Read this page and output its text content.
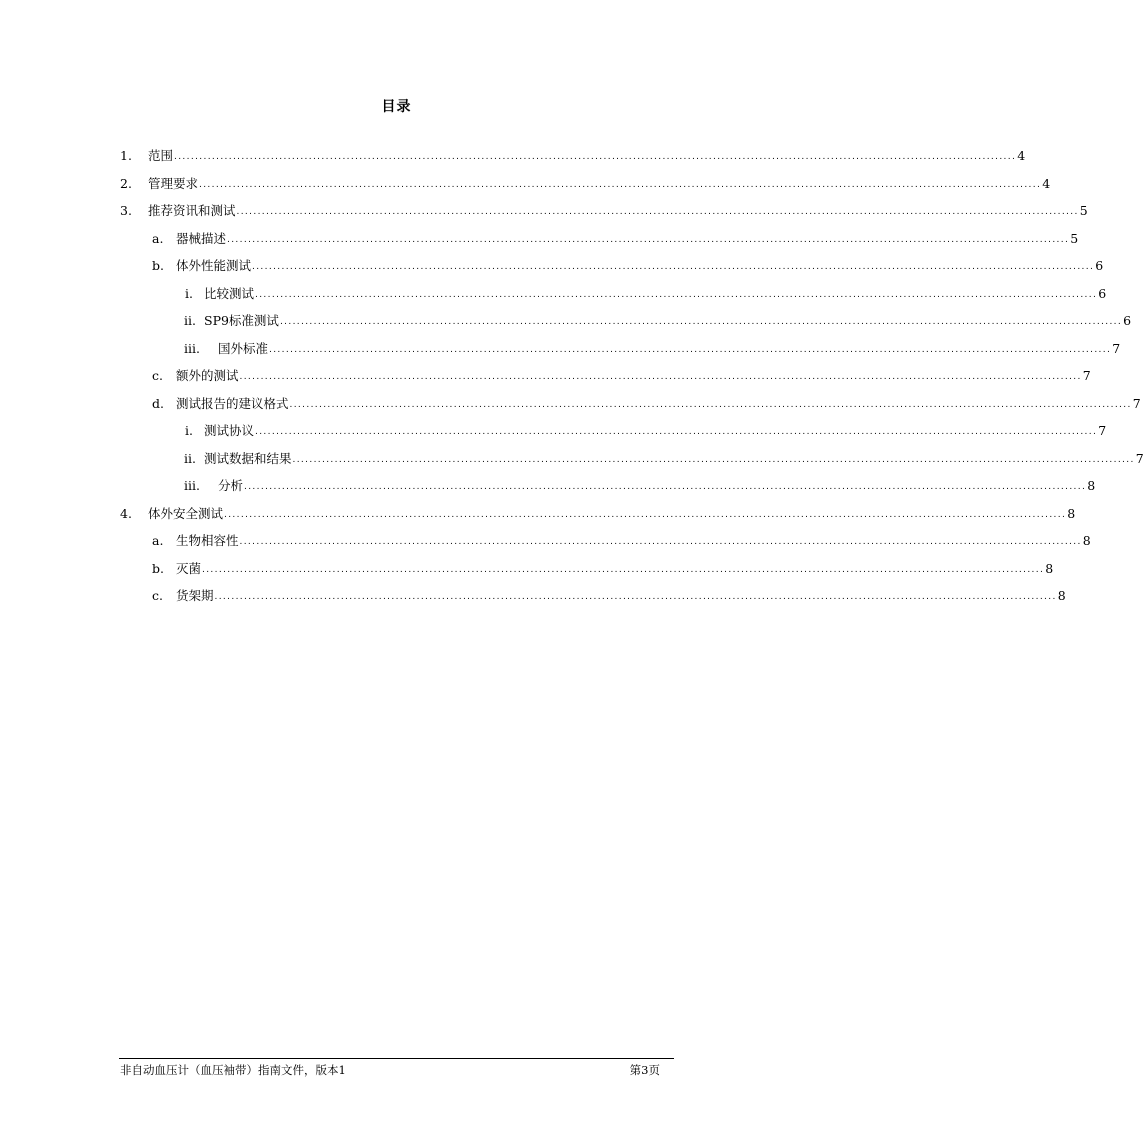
目录
1. 范围 ........................................................................................................................................................................................................ 4
2. 管理要求 ........................................................................................................................................................................................................ 4
3. 推荐资讯和测试 ........................................................................................................................................................................................................ 5
a. 器械描述 ........................................................................................................................................................................................................ 5
b. 体外性能测试 ........................................................................................................................................................................................................ 6
i. 比较测试 ........................................................................................................................................................................................................ 6
ii. SP9标准测试 ........................................................................................................................................................................................................ 6
iii. 国外标准 ........................................................................................................................................................................................................ 7
c. 额外的测试 ........................................................................................................................................................................................................ 7
d. 测试报告的建议格式 ........................................................................................................................................................................................................ 7
i. 测试协议 ........................................................................................................................................................................................................ 7
ii. 测试数据和结果 ........................................................................................................................................................................................................ 7
iii. 分析 ........................................................................................................................................................................................................ 8
4. 体外安全测试 ........................................................................................................................................................................................................ 8
a. 生物相容性 ........................................................................................................................................................................................................ 8
b. 灭菌 ........................................................................................................................................................................................................ 8
c. 货架期 ........................................................................................................................................................................................................ 8
非自动血压计（血压袖带）指南文件，版本1	第3页
